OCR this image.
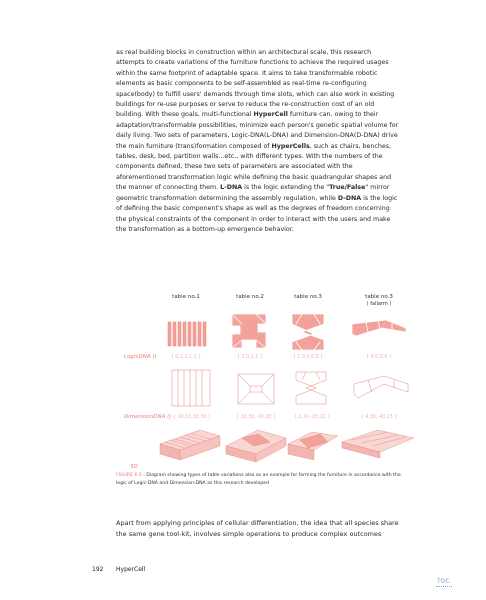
as real building blocks in construction within an architectural scale, this research attempts to create variations of the furniture functions to achieve the required usages within the same footprint of adaptable space. It aims to take transformable robotic elements as basic components to be self-assembled as real-time re-configuring space(body) to fulfill users' demands through time slots, which can also work in existing buildings for re-use purposes or serve to reduce the re-construction cost of an old building. With these goals, multi-functional HyperCell furniture can, owing to their adaptation/transformable possibilities, minimize each person's genetic spatial volume for daily living. Two sets of parameters, Logic-DNA(L-DNA) and Dimension-DNA(D-DNA) drive the main furniture (trans)formation composed of HyperCells, such as chairs, benches, tables, desk, bed, partition walls...etc., with different types. With the numbers of the components defined, these two sets of parameters are associated with the aforementioned transformation logic while defining the basic quadrangular shapes and the manner of connecting them. L-DNA is the logic extending the "True/False" mirror geometric transformation determining the assembly regulation, while D-DNA is the logic of defining the basic component's shape as well as the degrees of freedom concerning the physical constraints of the component in order to interact with the users and make the transformation as a bottom-up emergence behavior.
table no.1	table no.2	table no.3	table no.3
( fallarm )
LogicDNA ()	{ 0,1,1,1,1 }	{ 1,0,1,1 }	{ 1,0,0,0,0 }	{ 0,0,0,0 }
DimensionDNA () { 10,10,30,30 }	{ 10,30,-10,20 }	{ 2,10,-20,22 }	{ 4,30,-40,15 }
3D
FIGURE 6.9 : Diagram showing types of table variations also as an example for forming the furniture in accordance with the logic of Logic-DNA and Dimension-DNA as this research developed
Apart from applying principles of cellular differentiation, the idea that all species share the same gene tool-kit, involves simple operations to produce complex outcomes
192 HyperCell
TOC
